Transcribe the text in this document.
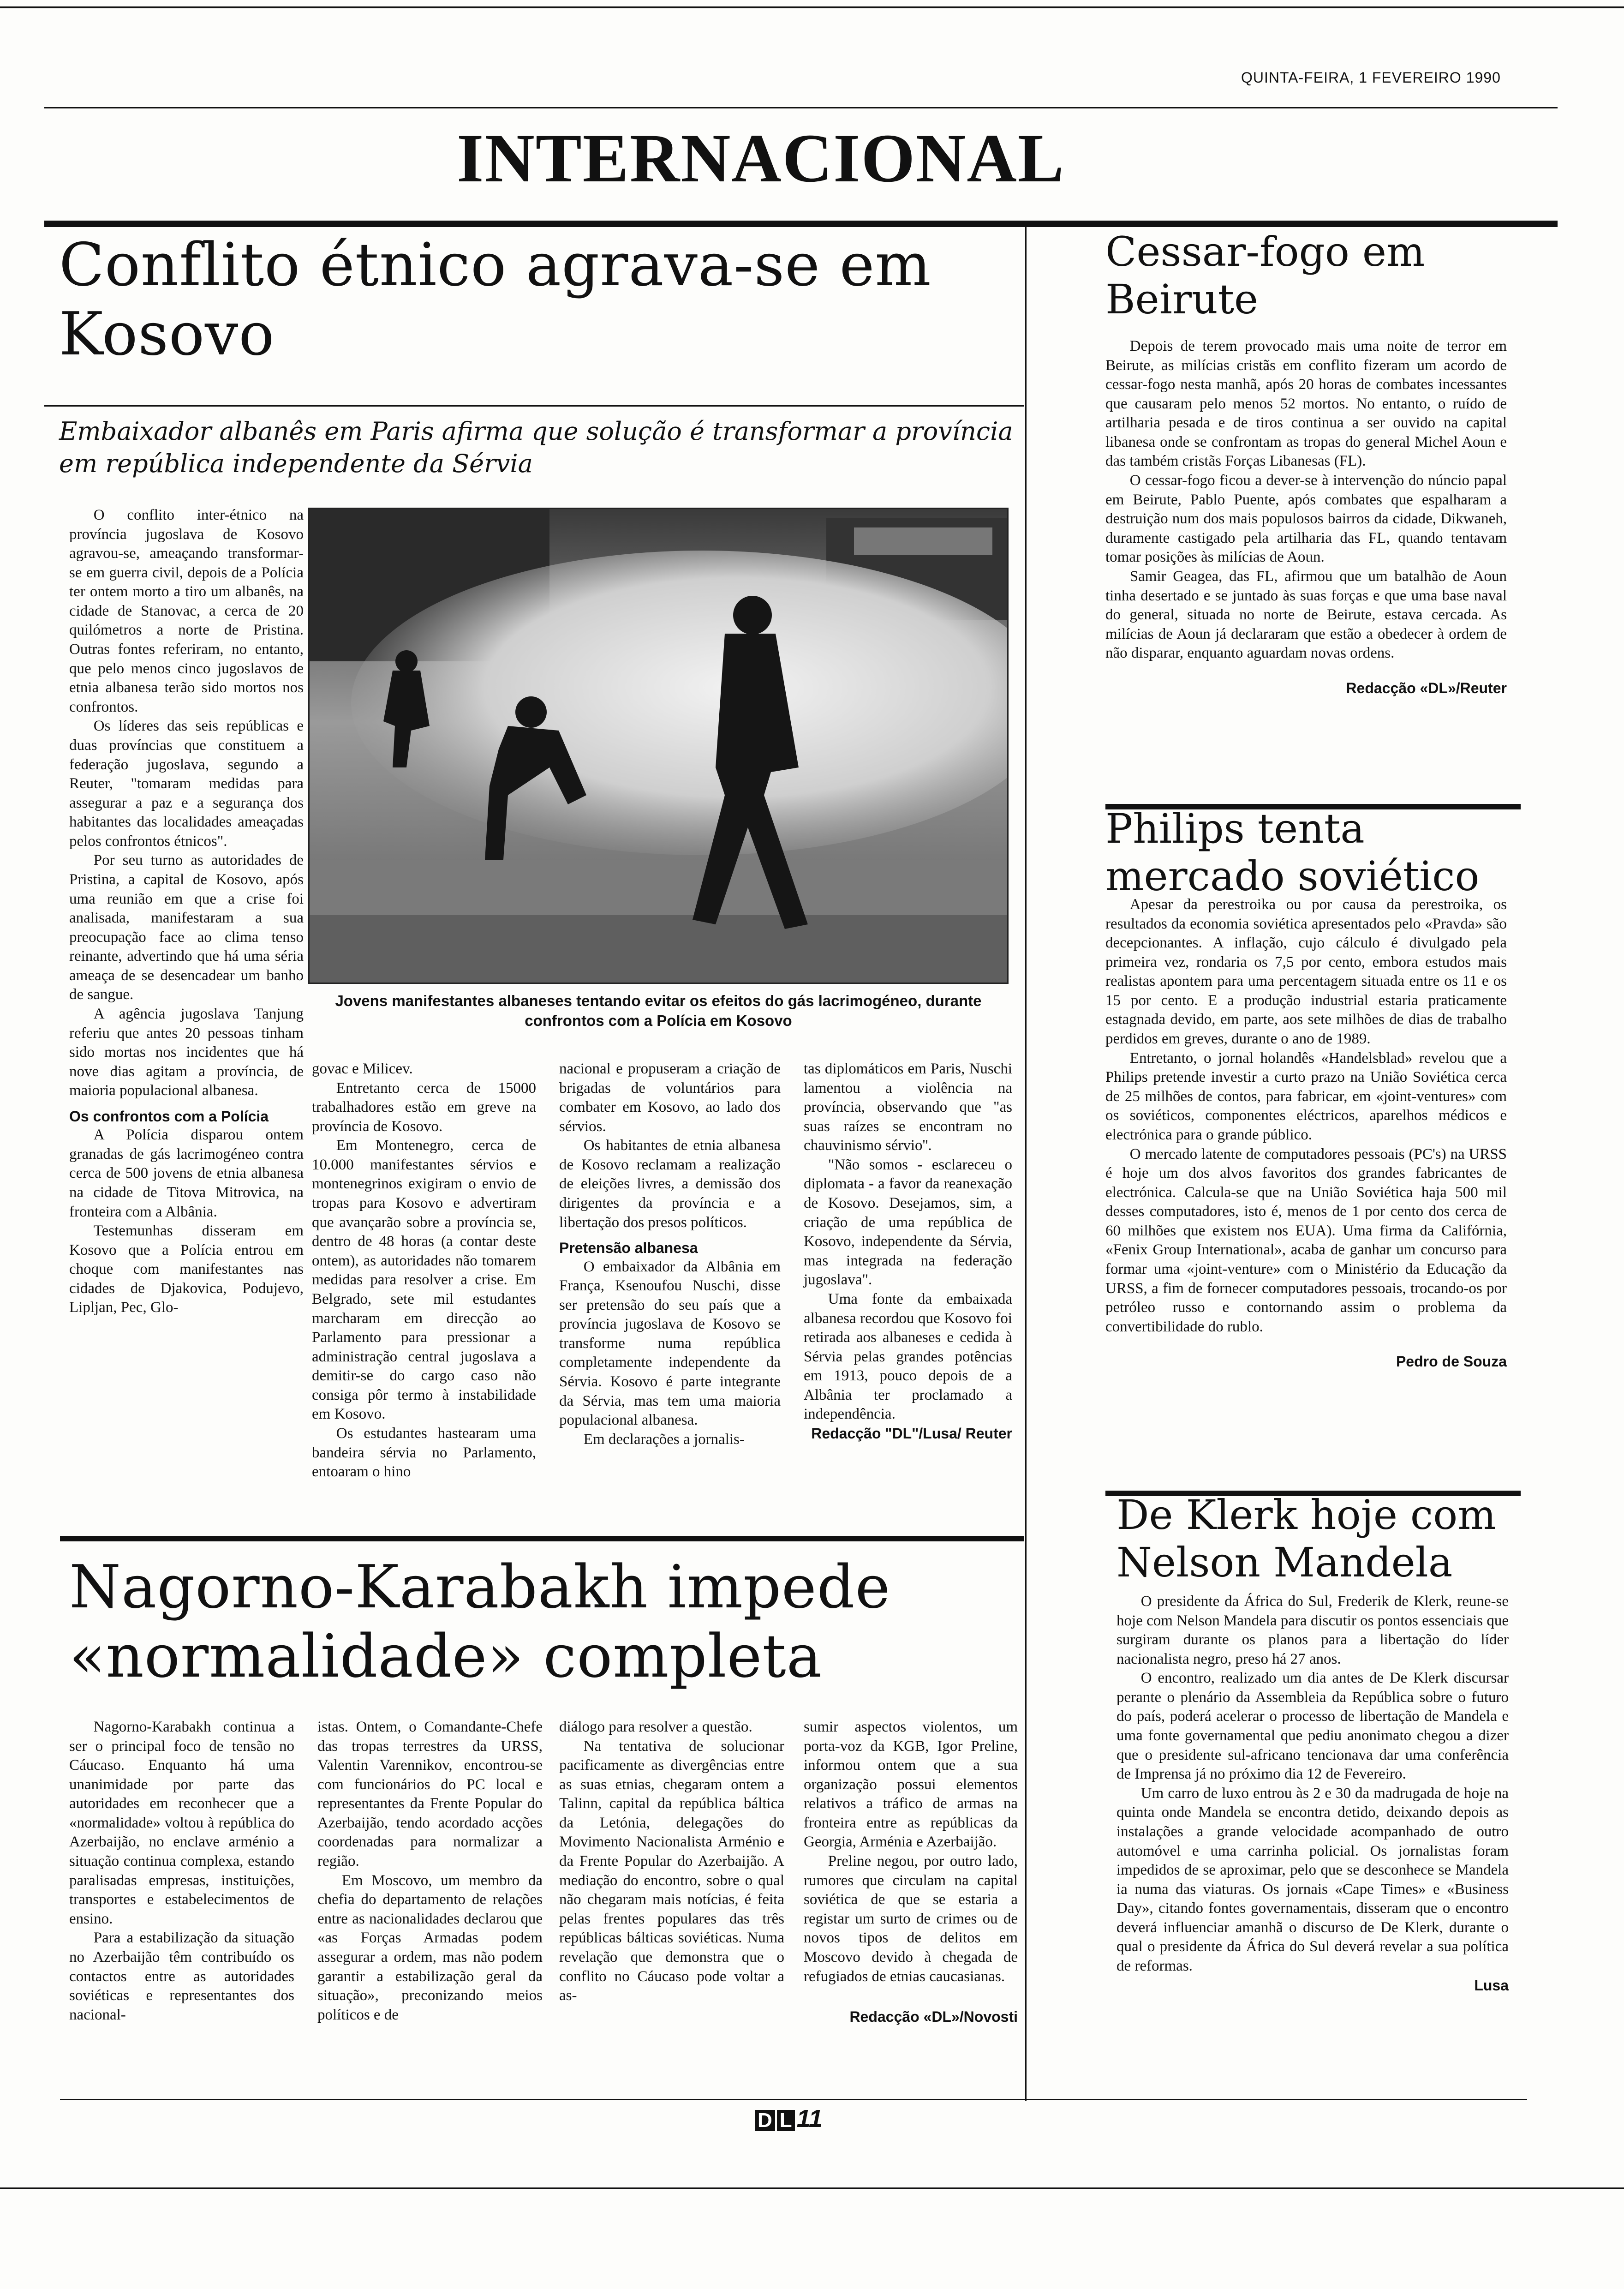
QUINTA-FEIRA, 1 FEVEREIRO 1990
INTERNACIONAL
Conflito étnico agrava-se em Kosovo
Embaixador albanês em Paris afirma que solução é transformar a província em república independente da Sérvia

O conflito inter-étnico na província jugoslava de Kosovo agravou-se, ameaçando transformar-se em guerra civil, depois de a Polícia ter ontem morto a tiro um albanês, na cidade de Stanovac, a cerca de 20 quilómetros a norte de Pristina. Outras fontes referiram, no entanto, que pelo menos cinco jugoslavos de etnia albanesa terão sido mortos nos confrontos.

Os líderes das seis repúblicas e duas províncias que constituem a federação jugoslava, segundo a Reuter, "tomaram medidas para assegurar a paz e a segurança dos habitantes das localidades ameaçadas pelos confrontos étnicos".

Por seu turno as autoridades de Pristina, a capital de Kosovo, após uma reunião em que a crise foi analisada, manifestaram a sua preocupação face ao clima tenso reinante, advertindo que há uma séria ameaça de se desencadear um banho de sangue.

A agência jugoslava Tanjung referiu que antes 20 pessoas tinham sido mortas nos incidentes que há nove dias agitam a província, de maioria populacional albanesa.

Os confrontos com a Polícia

A Polícia disparou ontem granadas de gás lacrimogéneo contra cerca de 500 jovens de etnia albanesa na cidade de Titova Mitrovica, na fronteira com a Albânia.

Testemunhas disseram em Kosovo que a Polícia entrou em choque com manifestantes nas cidades de Djakovica, Podujevo, Lipljan, Pec, Glo-

Jovens manifestantes albaneses tentando evitar os efeitos do gás lacrimogéneo, durante confrontos com a Polícia em Kosovo

govac e Milicev.

Entretanto cerca de 15000 trabalhadores estão em greve na província de Kosovo.

Em Montenegro, cerca de 10.000 manifestantes sérvios e montenegrinos exigiram o envio de tropas para Kosovo e advertiram que avançarão sobre a província se, dentro de 48 horas (a contar deste ontem), as autoridades não tomarem medidas para resolver a crise. Em Belgrado, sete mil estudantes marcharam em direcção ao Parlamento para pressionar a administração central jugoslava a demitir-se do cargo caso não consiga pôr termo à instabilidade em Kosovo.

Os estudantes hastearam uma bandeira sérvia no Parlamento, entoaram o hino

nacional e propuseram a criação de brigadas de voluntários para combater em Kosovo, ao lado dos sérvios.

Os habitantes de etnia albanesa de Kosovo reclamam a realização de eleições livres, a demissão dos dirigentes da província e a libertação dos presos políticos.

Pretensão albanesa

O embaixador da Albânia em França, Ksenoufou Nuschi, disse ser pretensão do seu país que a província jugoslava de Kosovo se transforme numa república completamente independente da Sérvia. Kosovo é parte integrante da Sérvia, mas tem uma maioria populacional albanesa.

Em declarações a jornalis-

tas diplomáticos em Paris, Nuschi lamentou a violência na província, observando que "as suas raízes se encontram no chauvinismo sérvio''.

"Não somos - esclareceu o diplomata - a favor da reanexação de Kosovo. Desejamos, sim, a criação de uma república de Kosovo, independente da Sérvia, mas integrada na federação jugoslava".

Uma fonte da embaixada albanesa recordou que Kosovo foi retirada aos albaneses e cedida à Sérvia pelas grandes potências em 1913, pouco depois de a Albânia ter proclamado a independência.

Redacção "DL"/Lusa/ Reuter
Nagorno-Karabakh impede «normalidade» completa

Nagorno-Karabakh continua a ser o principal foco de tensão no Cáucaso. Enquanto há uma unanimidade por parte das autoridades em reconhecer que a «normalidade» voltou à república do Azerbaijão, no enclave arménio a situação continua complexa, estando paralisadas empresas, instituições, transportes e estabelecimentos de ensino.

Para a estabilização da situação no Azerbaijão têm contribuído os contactos entre as autoridades soviéticas e representantes dos nacional-

istas. Ontem, o Comandante-Chefe das tropas terrestres da URSS, Valentin Varennikov, encontrou-se com funcionários do PC local e representantes da Frente Popular do Azerbaijão, tendo acordado acções coordenadas para normalizar a região.

Em Moscovo, um membro da chefia do departamento de relações entre as nacionalidades declarou que «as Forças Armadas podem assegurar a ordem, mas não podem garantir a estabilização geral da situação», preconizando meios políticos e de

diálogo para resolver a questão.

Na tentativa de solucionar pacificamente as divergências entre as suas etnias, chegaram ontem a Talinn, capital da república báltica da Letónia, delegações do Movimento Nacionalista Arménio e da Frente Popular do Azerbaijão. A mediação do encontro, sobre o qual não chegaram mais notícias, é feita pelas frentes populares das três repúblicas bálticas soviéticas. Numa revelação que demonstra que o conflito no Cáucaso pode voltar a as-

sumir aspectos violentos, um porta-voz da KGB, Igor Preline, informou ontem que a sua organização possui elementos relativos a tráfico de armas na fronteira entre as repúblicas da Georgia, Arménia e Azerbaijão.

Preline negou, por outro lado, rumores que circulam na capital soviética de que se estaria a registar um surto de crimes ou de novos tipos de delitos em Moscovo devido à chegada de refugiados de etnias caucasianas.

Redacção «DL»/Novosti
Cessar-fogo em Beirute

Depois de terem provocado mais uma noite de terror em Beirute, as milícias cristãs em conflito fizeram um acordo de cessar-fogo nesta manhã, após 20 horas de combates incessantes que causaram pelo menos 52 mortos. No entanto, o ruído de artilharia pesada e de tiros continua a ser ouvido na capital libanesa onde se confrontam as tropas do general Michel Aoun e das também cristãs Forças Libanesas (FL).

O cessar-fogo ficou a dever-se à intervenção do núncio papal em Beirute, Pablo Puente, após combates que espalharam a destruição num dos mais populosos bairros da cidade, Dikwaneh, duramente castigado pela artilharia das FL, quando tentavam tomar posições às milícias de Aoun.

Samir Geagea, das FL, afirmou que um batalhão de Aoun tinha desertado e se juntado às suas forças e que uma base naval do general, situada no norte de Beirute, estava cercada. As milícias de Aoun já declararam que estão a obedecer à ordem de não disparar, enquanto aguardam novas ordens.

Redacção «DL»/Reuter
Philips tenta mercado soviético

Apesar da perestroika ou por causa da perestroika, os resultados da economia soviética apresentados pelo «Pravda» são decepcionantes. A inflação, cujo cálculo é divulgado pela primeira vez, rondaria os 7,5 por cento, embora estudos mais realistas apontem para uma percentagem situada entre os 11 e os 15 por cento. E a produção industrial estaria praticamente estagnada devido, em parte, aos sete milhões de dias de trabalho perdidos em greves, durante o ano de 1989.

Entretanto, o jornal holandês «Handelsblad» revelou que a Philips pretende investir a curto prazo na União Soviética cerca de 25 milhões de contos, para fabricar, em «joint-ventures» com os soviéticos, componentes eléctricos, aparelhos médicos e electrónica para o grande público.

O mercado latente de computadores pessoais (PC's) na URSS é hoje um dos alvos favoritos dos grandes fabricantes de electrónica. Calcula-se que na União Soviética haja 500 mil desses computadores, isto é, menos de 1 por cento dos cerca de 60 milhões que existem nos EUA). Uma firma da Califórnia, «Fenix Group International», acaba de ganhar um concurso para formar uma «joint-venture» com o Ministério da Educação da URSS, a fim de fornecer computadores pessoais, trocando-os por petróleo russo e contornando assim o problema da convertibilidade do rublo.

Pedro de Souza
De Klerk hoje com Nelson Mandela

O presidente da África do Sul, Frederik de Klerk, reune-se hoje com Nelson Mandela para discutir os pontos essenciais que surgiram durante os planos para a libertação do líder nacionalista negro, preso há 27 anos.

O encontro, realizado um dia antes de De Klerk discursar perante o plenário da Assembleia da República sobre o futuro do país, poderá acelerar o processo de libertação de Mandela e uma fonte governamental que pediu anonimato chegou a dizer que o presidente sul-africano tencionava dar uma conferência de Imprensa já no próximo dia 12 de Fevereiro.

Um carro de luxo entrou às 2 e 30 da madrugada de hoje na quinta onde Mandela se encontra detido, deixando depois as instalações a grande velocidade acompanhado de outro automóvel e uma carrinha policial. Os jornalistas foram impedidos de se aproximar, pelo que se desconhece se Mandela ia numa das viaturas. Os jornais «Cape Times» e «Business Day», citando fontes governamentais, disseram que o encontro deverá influenciar amanhã o discurso de De Klerk, durante o qual o presidente da África do Sul deverá revelar a sua política de reformas.

Lusa
D L 11
